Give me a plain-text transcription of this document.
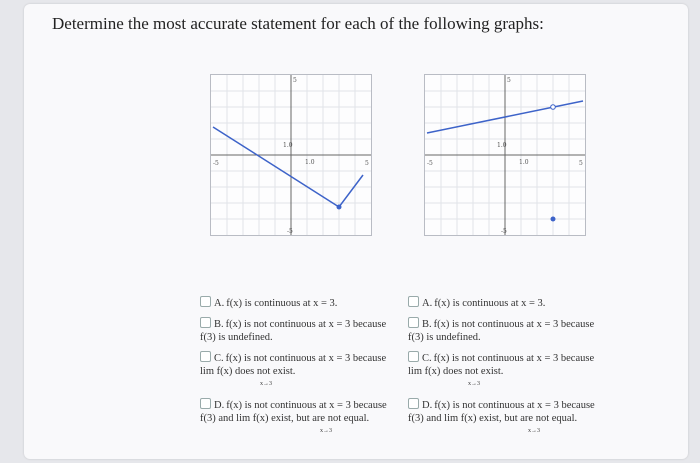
Determine the most accurate statement for each of the following graphs:
-5	5
5
1.0
1.0
-5
-5	5
5
1.0
1.0
-5
A. f(x) is continuous at x = 3.
B. f(x) is not continuous at x = 3 because f(3) is undefined.
C. f(x) is not continuous at x = 3 because lim f(x) does not exist.
x→3
D. f(x) is not continuous at x = 3 because f(3) and lim f(x) exist, but are not equal.
x→3
A. f(x) is continuous at x = 3.
B. f(x) is not continuous at x = 3 because f(3) is undefined.
C. f(x) is not continuous at x = 3 because lim f(x) does not exist.
x→3
D. f(x) is not continuous at x = 3 because f(3) and lim f(x) exist, but are not equal.
x→3
